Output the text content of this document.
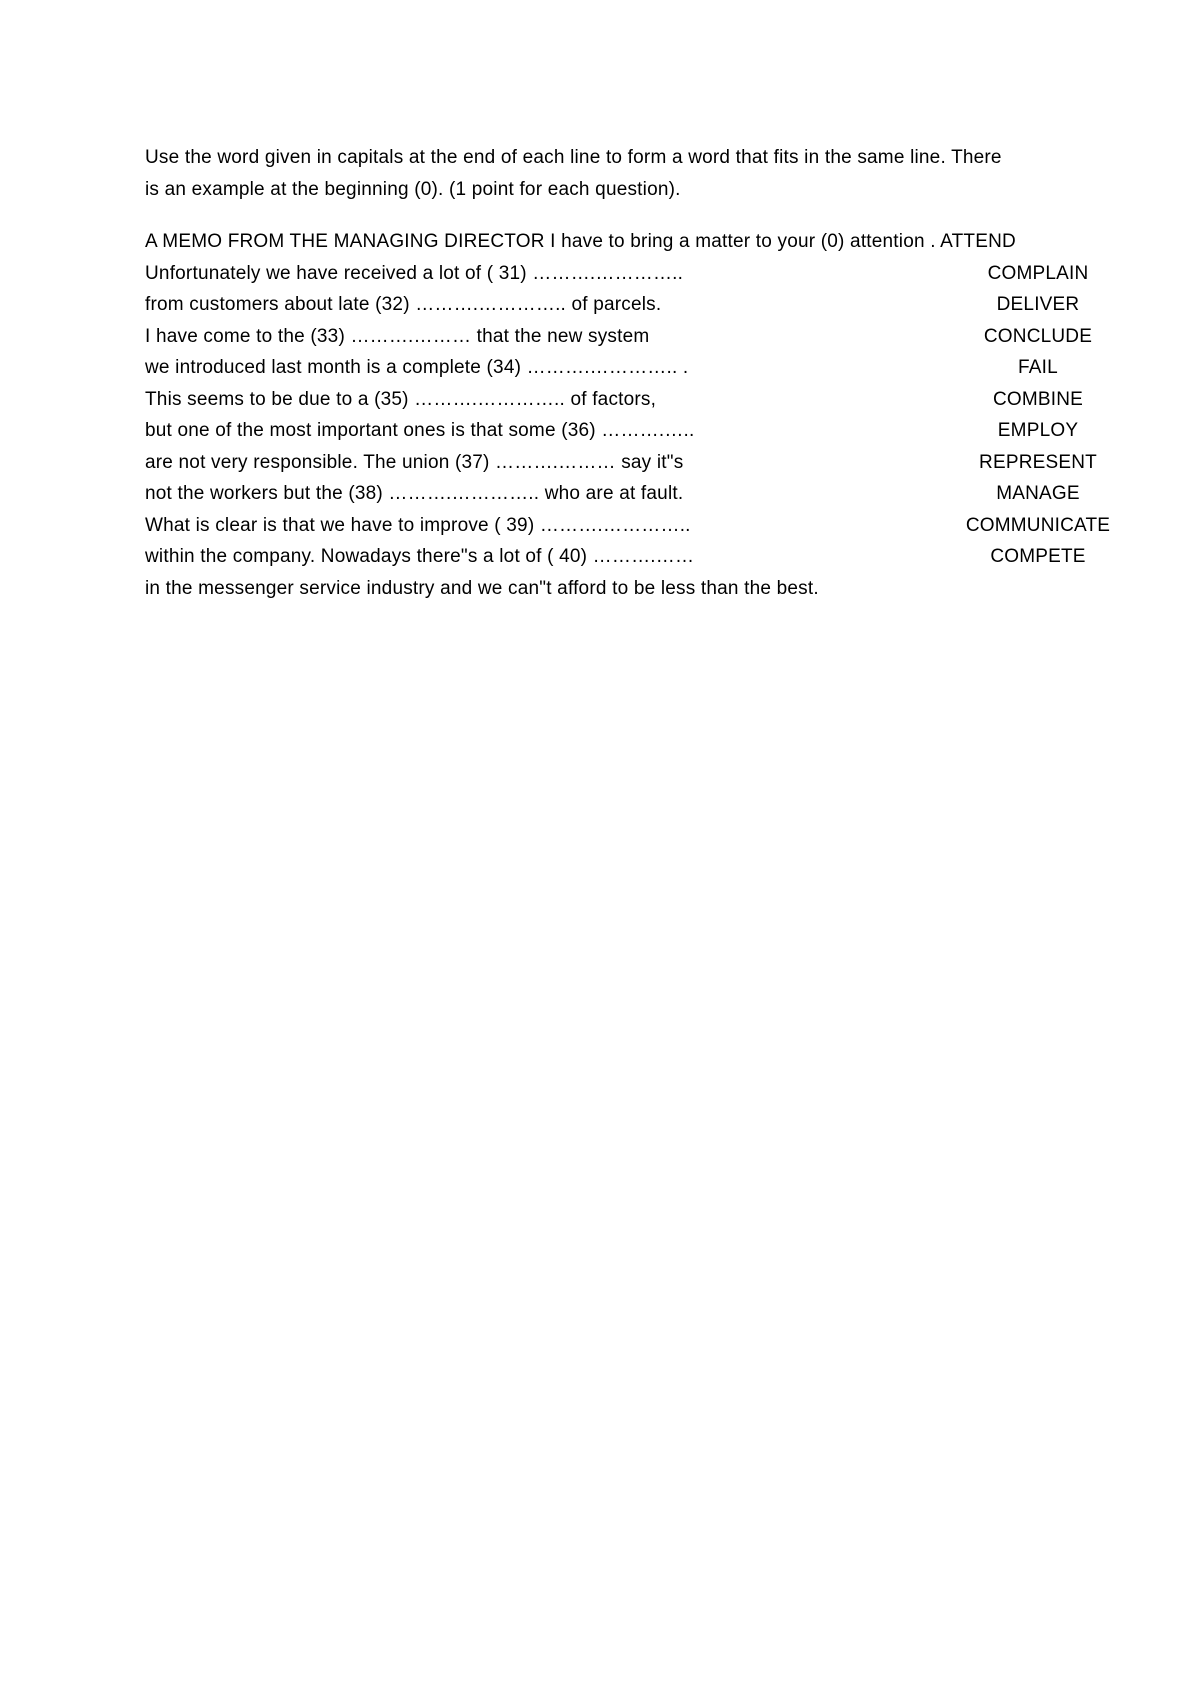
Use the word given in capitals at the end of each line to form a word that fits in the same line. There

is an example at the beginning (0). (1 point for each question).

A MEMO FROM THE MANAGING DIRECTOR I have to bring a matter to your (0) attention . ATTEND
Unfortunately we have received a lot of ( 31) ……….…………..	COMPLAIN
from customers about late (32) ……….………….. of parcels.	DELIVER
I have come to the (33) ……….……… that the new system	CONCLUDE
we introduced last month is a complete (34) ……….………….. .	FAIL
This seems to be due to a (35) ……….………….. of factors,	COMBINE
but one of the most important ones is that some (36) ……….…..	EMPLOY
are not very responsible. The union (37) ……….……… say it"s	REPRESENT
not the workers but the (38) ……….………….. who are at fault.	MANAGE
What is clear is that we have to improve ( 39) ……….…………..	COMMUNICATE
within the company. Nowadays there"s a lot of ( 40) ……….……	COMPETE
in the messenger service industry and we can"t afford to be less than the best.
